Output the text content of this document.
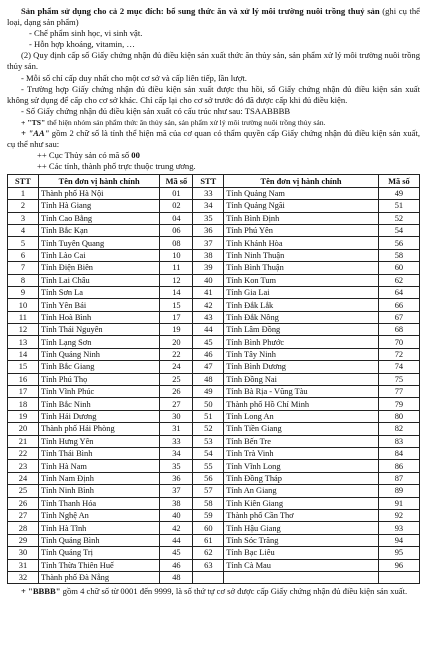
Sản phẩm sử dụng cho cả 2 mục đích: bổ sung thức ăn và xử lý môi trường nuôi trồng thuỷ sản (ghi cụ thể loại, dạng sản phẩm)

- Chế phẩm sinh học, vi sinh vật.

- Hỗn hợp khoáng, vitamin, …

(2) Quy định cấp số Giấy chứng nhận đủ điều kiện sản xuất thức ăn thủy sản, sản phẩm xử lý môi trường nuôi trồng thủy sản.

- Mỗi số chỉ cấp duy nhất cho một cơ sở và cấp liên tiếp, lần lượt.

- Trường hợp Giấy chứng nhận đủ điều kiện sản xuất được thu hồi, số Giấy chứng nhận đủ điều kiện sản xuất không sử dụng để cấp cho cơ sở khác. Chỉ cấp lại cho cơ sở trước đó đã được cấp khi đủ điều kiện.

- Số Giấy chứng nhận đủ điều kiện sản xuất có cấu trúc như sau: TSAABBBB

+ "TS" thể hiện nhóm sản phẩm thức ăn thủy sản, sản phẩm xử lý môi trường nuôi trồng thủy sản.

+ "AA" gồm 2 chữ số là tỉnh thể hiện mã của cơ quan có thẩm quyền cấp Giấy chứng nhận đủ điều kiện sản xuất, cụ thể như sau:

++ Cục Thủy sản có mã số 00

++ Các tỉnh, thành phố trực thuộc trung ương.

STT	Tên đơn vị hành chính	Mã số	STT	Tên đơn vị hành chính	Mã số
1	Thành phố Hà Nội	01	33	Tỉnh Quảng Nam	49
2	Tỉnh Hà Giang	02	34	Tỉnh Quảng Ngãi	51
3	Tỉnh Cao Bằng	04	35	Tỉnh Bình Định	52
4	Tỉnh Bắc Kạn	06	36	Tỉnh Phú Yên	54
5	Tỉnh Tuyên Quang	08	37	Tỉnh Khánh Hòa	56
6	Tỉnh Lào Cai	10	38	Tỉnh Ninh Thuận	58
7	Tỉnh Điện Biên	11	39	Tỉnh Bình Thuận	60
8	Tỉnh Lai Châu	12	40	Tỉnh Kon Tum	62
9	Tỉnh Sơn La	14	41	Tỉnh Gia Lai	64
10	Tỉnh Yên Bái	15	42	Tỉnh Đắk Lắk	66
11	Tỉnh Hoà Bình	17	43	Tỉnh Đắk Nông	67
12	Tỉnh Thái Nguyên	19	44	Tỉnh Lâm Đồng	68
13	Tỉnh Lạng Sơn	20	45	Tỉnh Bình Phước	70
14	Tỉnh Quảng Ninh	22	46	Tỉnh Tây Ninh	72
15	Tỉnh Bắc Giang	24	47	Tỉnh Bình Dương	74
16	Tỉnh Phú Thọ	25	48	Tỉnh Đồng Nai	75
17	Tỉnh Vĩnh Phúc	26	49	Tỉnh Bà Rịa - Vũng Tàu	77
18	Tỉnh Bắc Ninh	27	50	Thành phố Hồ Chí Minh	79
19	Tỉnh Hải Dương	30	51	Tỉnh Long An	80
20	Thành phố Hải Phòng	31	52	Tỉnh Tiền Giang	82
21	Tỉnh Hưng Yên	33	53	Tỉnh Bến Tre	83
22	Tỉnh Thái Bình	34	54	Tỉnh Trà Vinh	84
23	Tỉnh Hà Nam	35	55	Tỉnh Vĩnh Long	86
24	Tỉnh Nam Định	36	56	Tỉnh Đồng Tháp	87
25	Tỉnh Ninh Bình	37	57	Tỉnh An Giang	89
26	Tỉnh Thanh Hóa	38	58	Tỉnh Kiên Giang	91
27	Tỉnh Nghệ An	40	59	Thành phố Cần Thơ	92
28	Tỉnh Hà Tĩnh	42	60	Tỉnh Hậu Giang	93
29	Tỉnh Quảng Bình	44	61	Tỉnh Sóc Trăng	94
30	Tỉnh Quảng Trị	45	62	Tỉnh Bạc Liêu	95
31	Tỉnh Thừa Thiên Huế	46	63	Tỉnh Cà Mau	96
32	Thành phố Đà Nẵng	48			

+ "BBBB" gồm 4 chữ số từ 0001 đến 9999, là số thứ tự cơ sở được cấp Giấy chứng nhận đủ điều kiện sản xuất.
